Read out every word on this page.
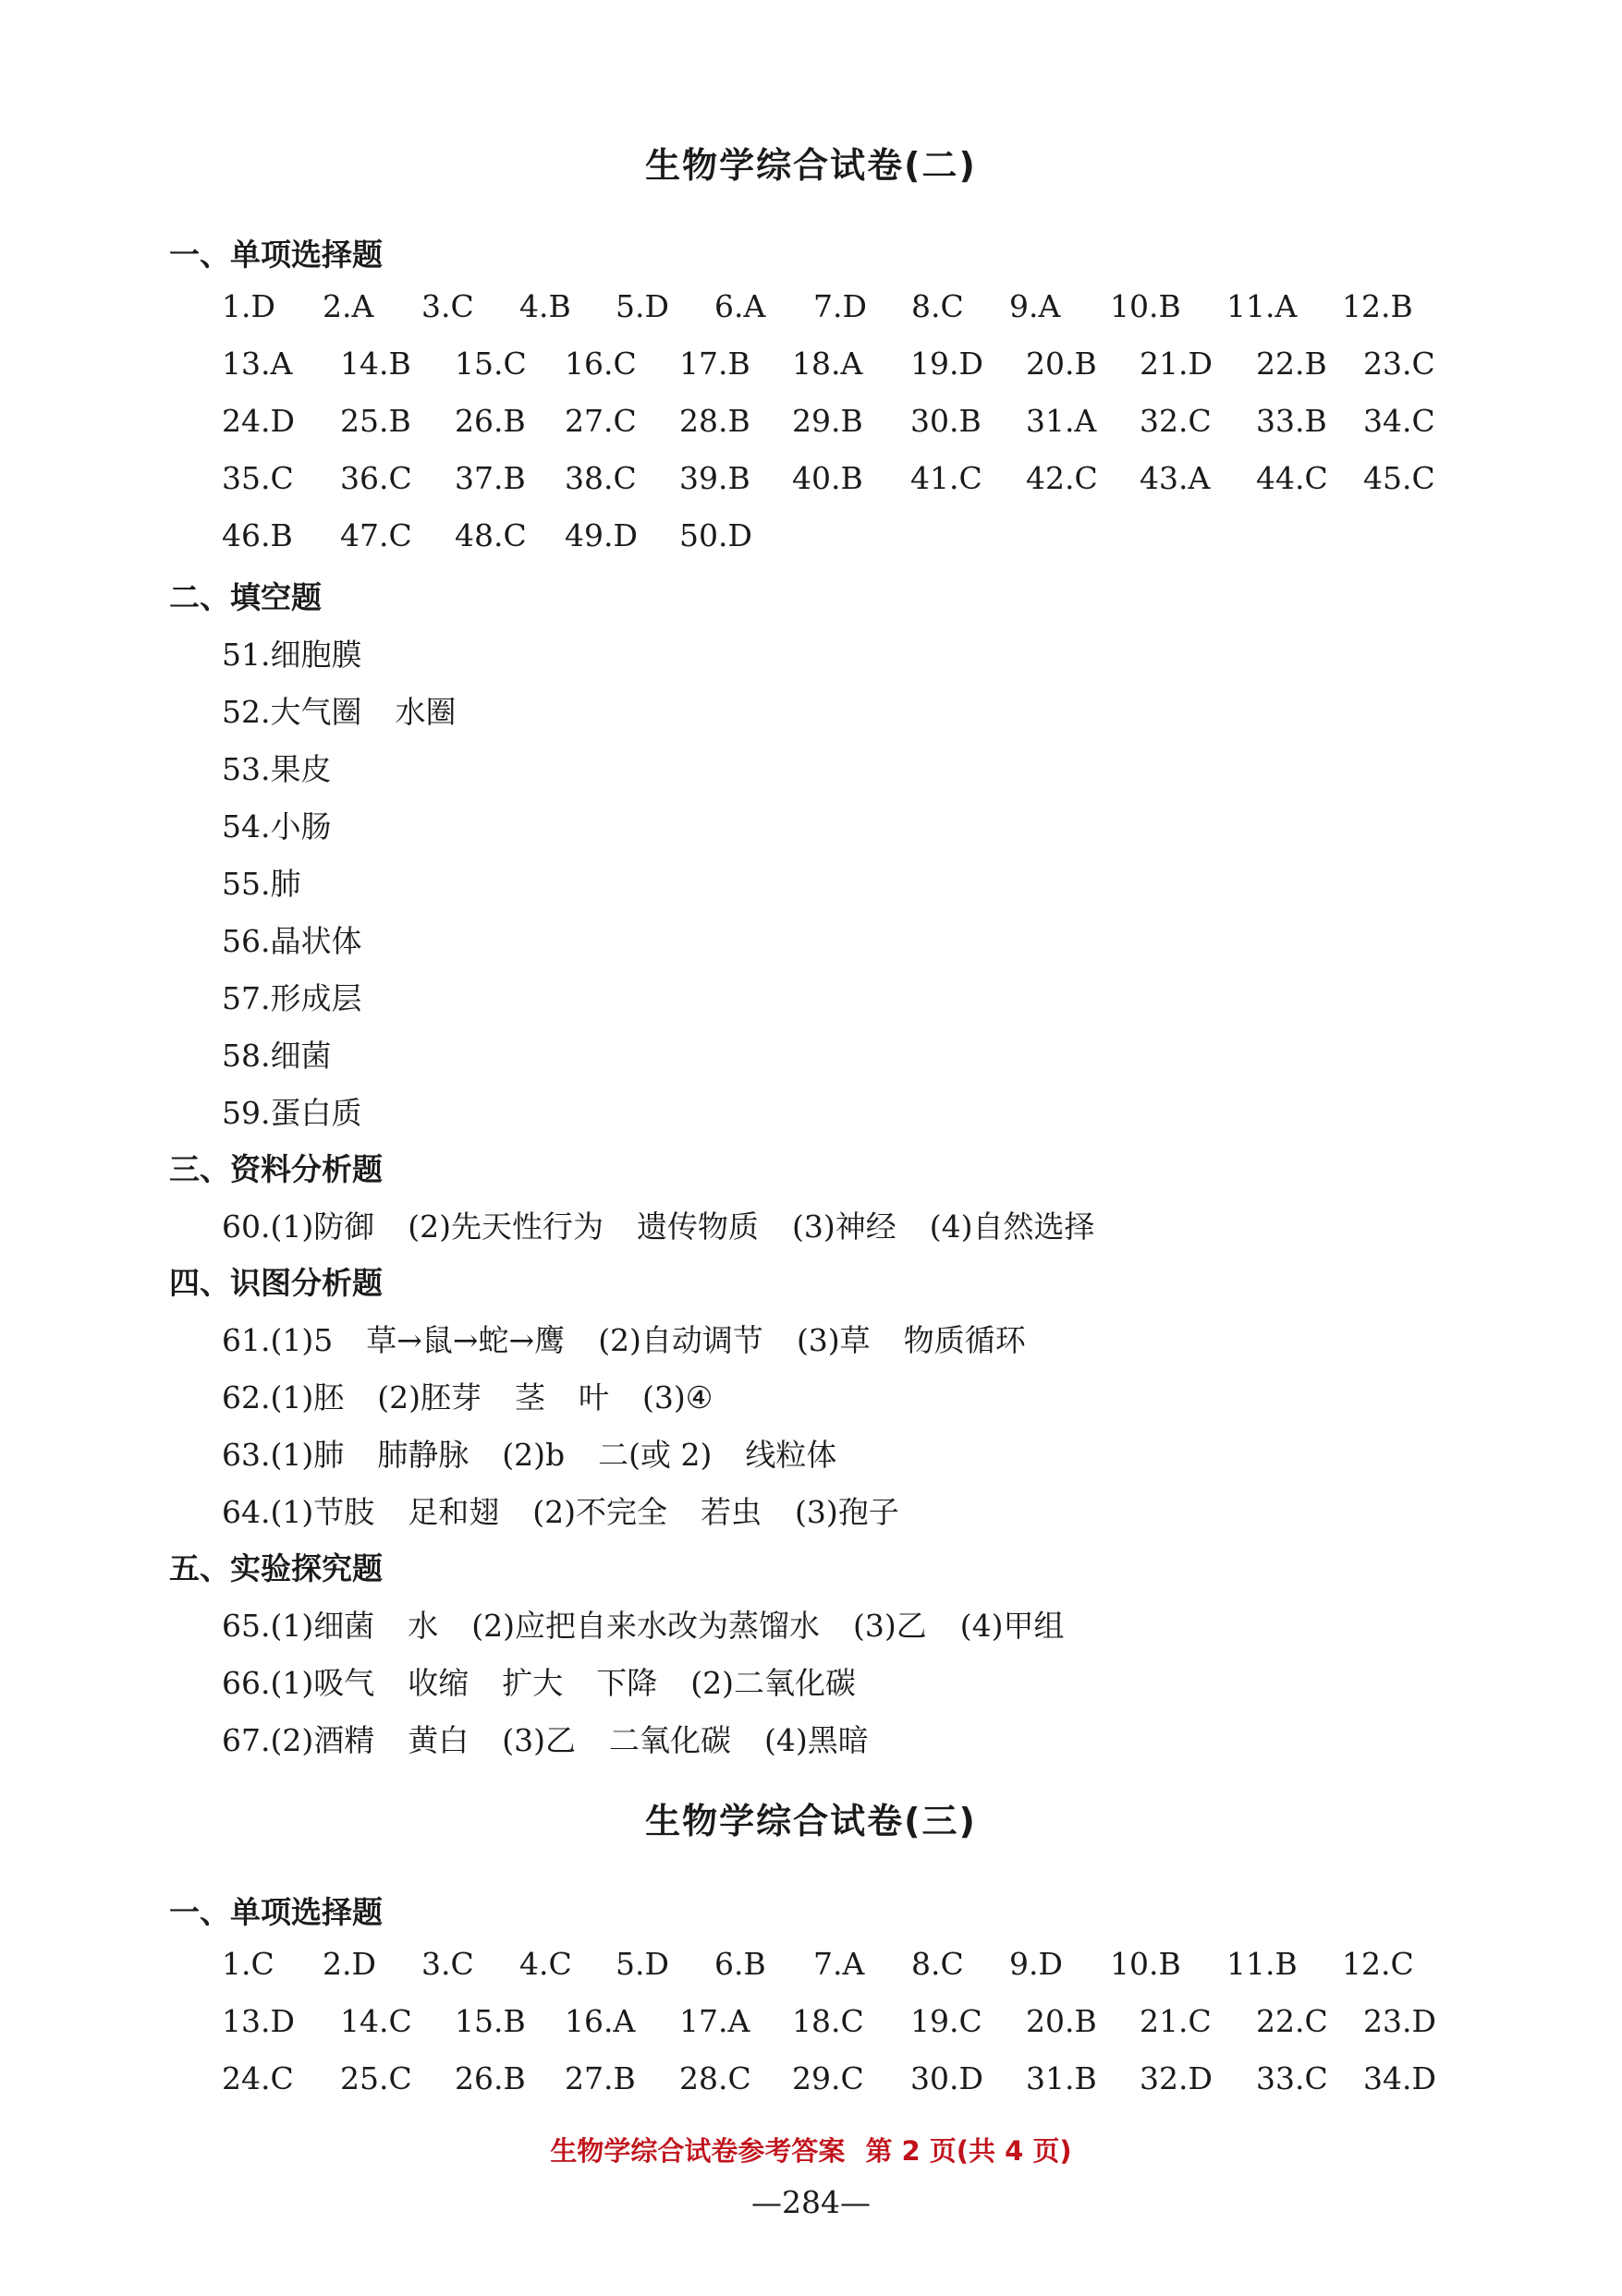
生物学综合试卷(二)
一、单项选择题
1.D 2.A 3.C 4.B 5.D 6.A 7.D 8.C 9.A 10.B 11.A 12.B
13.A 14.B 15.C 16.C 17.B 18.A 19.D 20.B 21.D 22.B 23.C
24.D 25.B 26.B 27.C 28.B 29.B 30.B 31.A 32.C 33.B 34.C
35.C 36.C 37.B 38.C 39.B 40.B 41.C 42.C 43.A 44.C 45.C
46.B 47.C 48.C 49.D 50.D
二、填空题
51.细胞膜
52.大气圈 水圈
53.果皮
54.小肠
55.肺
56.晶状体
57.形成层
58.细菌
59.蛋白质
三、资料分析题
60.(1)防御 (2)先天性行为 遗传物质 (3)神经 (4)自然选择
四、识图分析题
61.(1)5 草→鼠→蛇→鹰 (2)自动调节 (3)草 物质循环
62.(1)胚 (2)胚芽 茎 叶 (3)④
63.(1)肺 肺静脉 (2)b 二(或 2) 线粒体
64.(1)节肢 足和翅 (2)不完全 若虫 (3)孢子
五、实验探究题
65.(1)细菌 水 (2)应把自来水改为蒸馏水 (3)乙 (4)甲组
66.(1)吸气 收缩 扩大 下降 (2)二氧化碳
67.(2)酒精 黄白 (3)乙 二氧化碳 (4)黑暗
生物学综合试卷(三)
一、单项选择题
1.C 2.D 3.C 4.C 5.D 6.B 7.A 8.C 9.D 10.B 11.B 12.C
13.D 14.C 15.B 16.A 17.A 18.C 19.C 20.B 21.C 22.C 23.D
24.C 25.C 26.B 27.B 28.C 29.C 30.D 31.B 32.D 33.C 34.D
生物学综合试卷参考答案 第 2 页(共 4 页)
—284—
